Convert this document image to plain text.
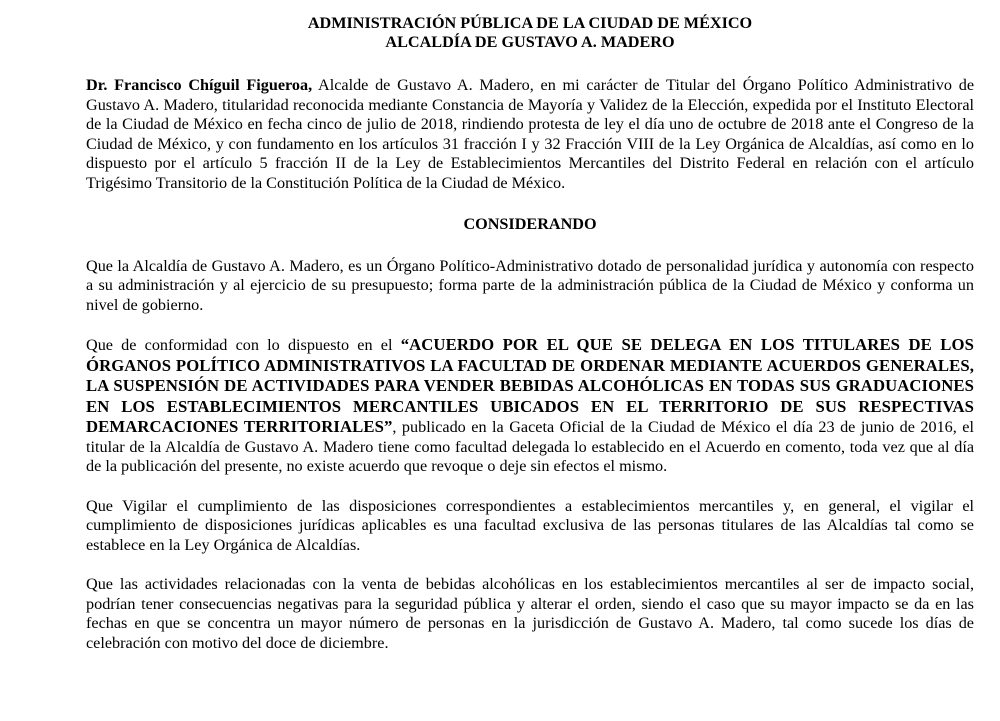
ADMINISTRACIÓN PÚBLICA DE LA CIUDAD DE MÉXICO
ALCALDÍA DE GUSTAVO A. MADERO

Dr. Francisco Chíguil Figueroa, Alcalde de Gustavo A. Madero, en mi carácter de Titular del Órgano Político Administrativo de Gustavo A. Madero, titularidad reconocida mediante Constancia de Mayoría y Validez de la Elección, expedida por el Instituto Electoral de la Ciudad de México en fecha cinco de julio de 2018, rindiendo protesta de ley el día uno de octubre de 2018 ante el Congreso de la Ciudad de México, y con fundamento en los artículos 31 fracción I y 32 Fracción VIII de la Ley Orgánica de Alcaldías, así como en lo dispuesto por el artículo 5 fracción II de la Ley de Establecimientos Mercantiles del Distrito Federal en relación con el artículo Trigésimo Transitorio de la Constitución Política de la Ciudad de México.

CONSIDERANDO

Que la Alcaldía de Gustavo A. Madero, es un Órgano Político-Administrativo dotado de personalidad jurídica y autonomía con respecto a su administración y al ejercicio de su presupuesto; forma parte de la administración pública de la Ciudad de México y conforma un nivel de gobierno.

Que de conformidad con lo dispuesto en el “ACUERDO POR EL QUE SE DELEGA EN LOS TITULARES DE LOS ÓRGANOS POLÍTICO ADMINISTRATIVOS LA FACULTAD DE ORDENAR MEDIANTE ACUERDOS GENERALES, LA SUSPENSIÓN DE ACTIVIDADES PARA VENDER BEBIDAS ALCOHÓLICAS EN TODAS SUS GRADUACIONES EN LOS ESTABLECIMIENTOS MERCANTILES UBICADOS EN EL TERRITORIO DE SUS RESPECTIVAS DEMARCACIONES TERRITORIALES”, publicado en la Gaceta Oficial de la Ciudad de México el día 23 de junio de 2016, el titular de la Alcaldía de Gustavo A. Madero tiene como facultad delegada lo establecido en el Acuerdo en comento, toda vez que al día de la publicación del presente, no existe acuerdo que revoque o deje sin efectos el mismo.

Que Vigilar el cumplimiento de las disposiciones correspondientes a establecimientos mercantiles y, en general, el vigilar el cumplimiento de disposiciones jurídicas aplicables es una facultad exclusiva de las personas titulares de las Alcaldías tal como se establece en la Ley Orgánica de Alcaldías.

Que las actividades relacionadas con la venta de bebidas alcohólicas en los establecimientos mercantiles al ser de impacto social, podrían tener consecuencias negativas para la seguridad pública y alterar el orden, siendo el caso que su mayor impacto se da en las fechas en que se concentra un mayor número de personas en la jurisdicción de Gustavo A. Madero, tal como sucede los días de celebración con motivo del doce de diciembre.
